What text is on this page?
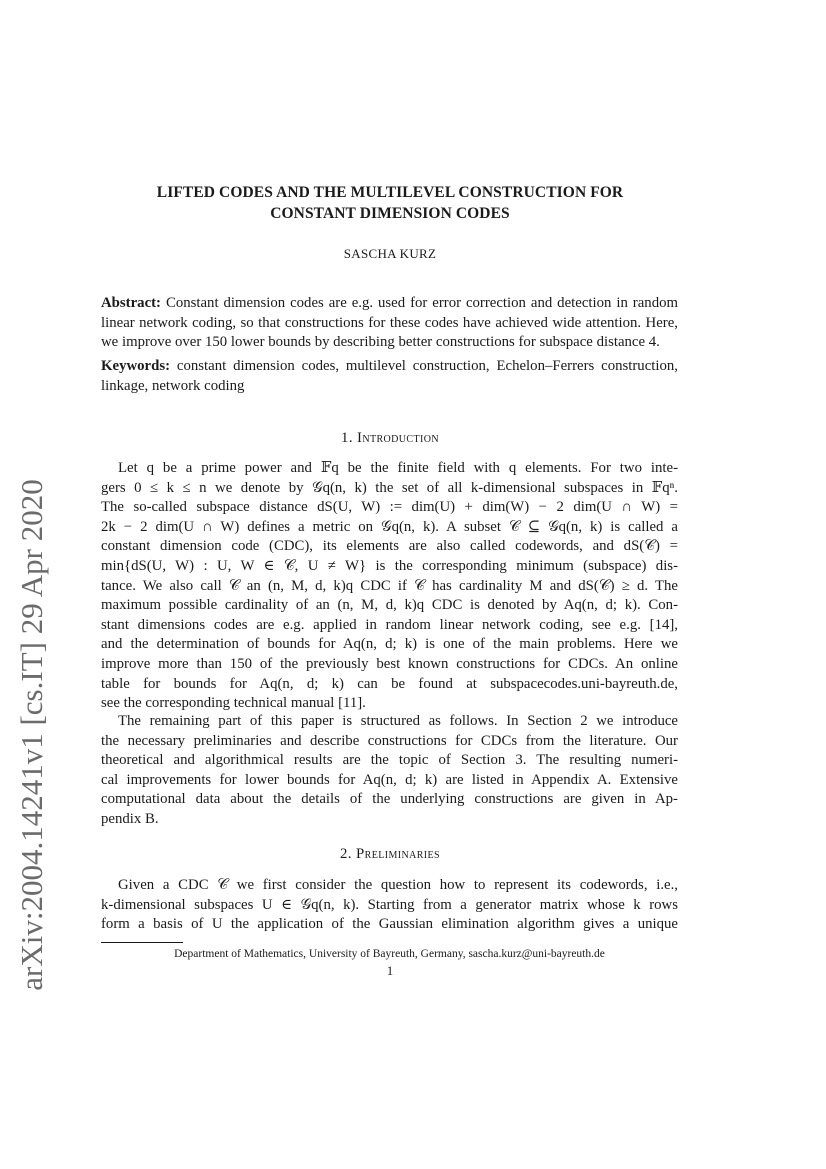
arXiv:2004.14241v1 [cs.IT] 29 Apr 2020
LIFTED CODES AND THE MULTILEVEL CONSTRUCTION FOR
CONSTANT DIMENSION CODES
SASCHA KURZ
Abstract: Constant dimension codes are e.g. used for error correction and detection in random
linear network coding, so that constructions for these codes have achieved wide attention. Here,
we improve over 150 lower bounds by describing better constructions for subspace distance 4.
Keywords: constant dimension codes, multilevel construction, Echelon–Ferrers construction,
linkage, network coding
1. Introduction
Let q be a prime power and 𝔽q be the finite field with q elements. For two inte-
gers 0 ≤ k ≤ n we denote by 𝒢q(n, k) the set of all k-dimensional subspaces in 𝔽qⁿ.
The so-called subspace distance dS(U, W) := dim(U) + dim(W) − 2 dim(U ∩ W) =
2k − 2 dim(U ∩ W) defines a metric on 𝒢q(n, k). A subset 𝒞 ⊆ 𝒢q(n, k) is called a
constant dimension code (CDC), its elements are also called codewords, and dS(𝒞) =
min{dS(U, W) : U, W ∈ 𝒞, U ≠ W} is the corresponding minimum (subspace) dis-
tance. We also call 𝒞 an (n, M, d, k)q CDC if 𝒞 has cardinality M and dS(𝒞) ≥ d. The
maximum possible cardinality of an (n, M, d, k)q CDC is denoted by Aq(n, d; k). Con-
stant dimensions codes are e.g. applied in random linear network coding, see e.g. [14],
and the determination of bounds for Aq(n, d; k) is one of the main problems. Here we
improve more than 150 of the previously best known constructions for CDCs. An online
table for bounds for Aq(n, d; k) can be found at subspacecodes.uni-bayreuth.de,
see the corresponding technical manual [11].
The remaining part of this paper is structured as follows. In Section 2 we introduce
the necessary preliminaries and describe constructions for CDCs from the literature. Our
theoretical and algorithmical results are the topic of Section 3. The resulting numeri-
cal improvements for lower bounds for Aq(n, d; k) are listed in Appendix A. Extensive
computational data about the details of the underlying constructions are given in Ap-
pendix B.
2. Preliminaries
Given a CDC 𝒞 we first consider the question how to represent its codewords, i.e.,
k-dimensional subspaces U ∈ 𝒢q(n, k). Starting from a generator matrix whose k rows
form a basis of U the application of the Gaussian elimination algorithm gives a unique
Department of Mathematics, University of Bayreuth, Germany, sascha.kurz@uni-bayreuth.de
1
